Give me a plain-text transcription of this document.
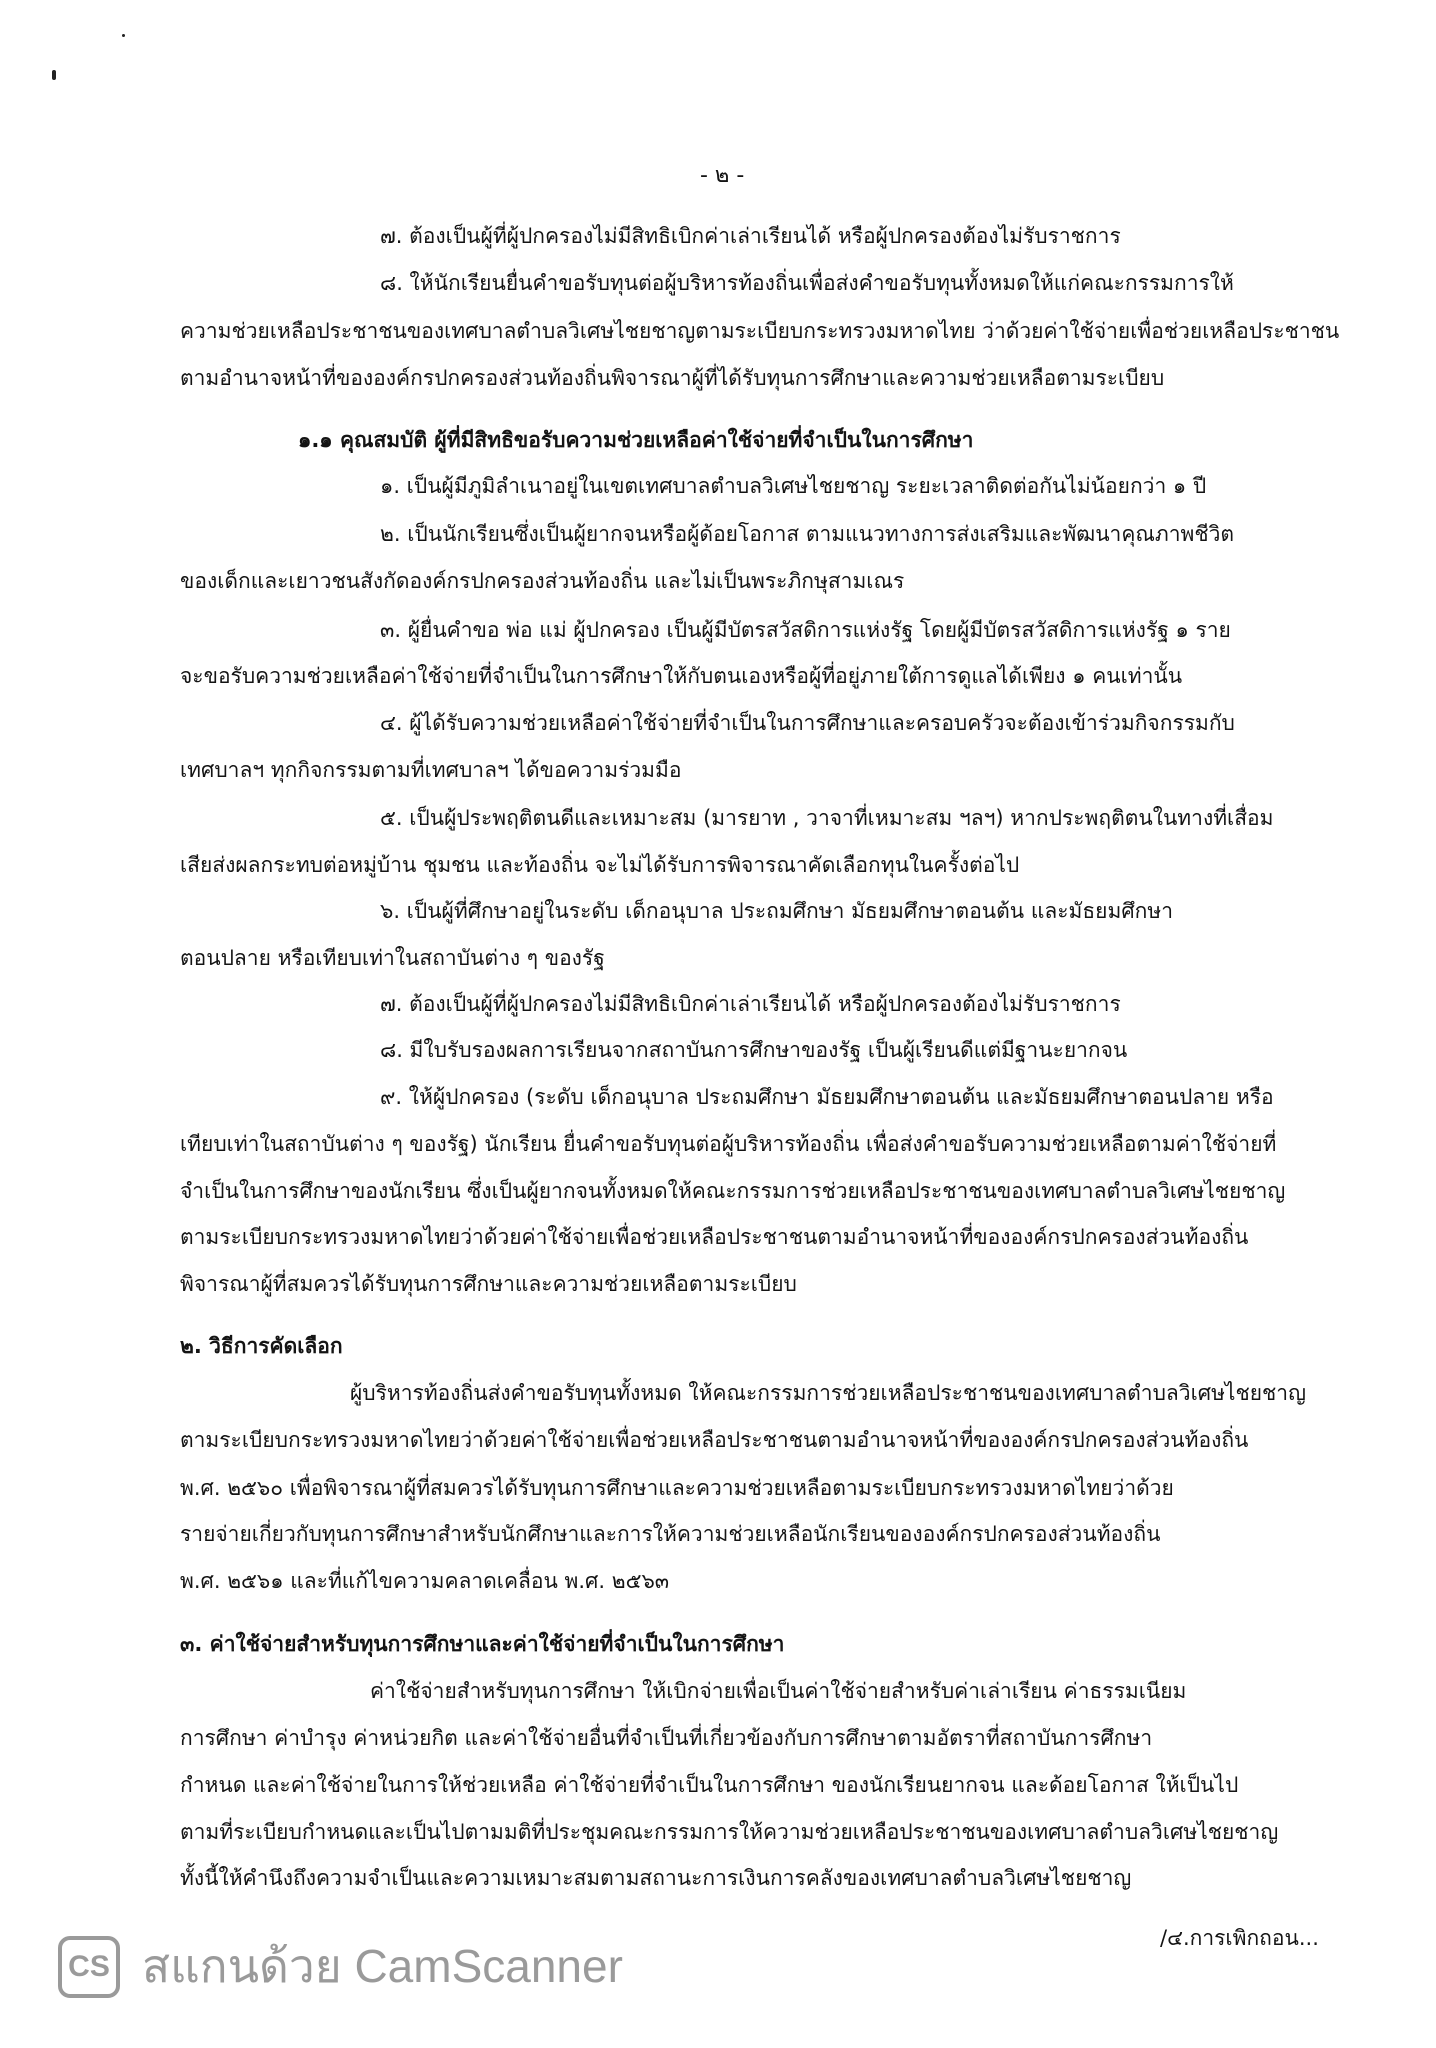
- ๒ -
๗. ต้องเป็นผู้ที่ผู้ปกครองไม่มีสิทธิเบิกค่าเล่าเรียนได้ หรือผู้ปกครองต้องไม่รับราชการ
๘. ให้นักเรียนยื่นคำขอรับทุนต่อผู้บริหารท้องถิ่นเพื่อส่งคำขอรับทุนทั้งหมดให้แก่คณะกรรมการให้
ความช่วยเหลือประชาชนของเทศบาลตำบลวิเศษไชยชาญตามระเบียบกระทรวงมหาดไทย ว่าด้วยค่าใช้จ่ายเพื่อช่วยเหลือประชาชน
ตามอำนาจหน้าที่ขององค์กรปกครองส่วนท้องถิ่นพิจารณาผู้ที่ได้รับทุนการศึกษาและความช่วยเหลือตามระเบียบ
๑.๑ คุณสมบัติ ผู้ที่มีสิทธิขอรับความช่วยเหลือค่าใช้จ่ายที่จำเป็นในการศึกษา
๑. เป็นผู้มีภูมิลำเนาอยู่ในเขตเทศบาลตำบลวิเศษไชยชาญ ระยะเวลาติดต่อกันไม่น้อยกว่า ๑ ปี
๒. เป็นนักเรียนซึ่งเป็นผู้ยากจนหรือผู้ด้อยโอกาส ตามแนวทางการส่งเสริมและพัฒนาคุณภาพชีวิต
ของเด็กและเยาวชนสังกัดองค์กรปกครองส่วนท้องถิ่น และไม่เป็นพระภิกษุสามเณร
๓. ผู้ยื่นคำขอ พ่อ แม่ ผู้ปกครอง เป็นผู้มีบัตรสวัสดิการแห่งรัฐ โดยผู้มีบัตรสวัสดิการแห่งรัฐ ๑ ราย
จะขอรับความช่วยเหลือค่าใช้จ่ายที่จำเป็นในการศึกษาให้กับตนเองหรือผู้ที่อยู่ภายใต้การดูแลได้เพียง ๑ คนเท่านั้น
๔. ผู้ได้รับความช่วยเหลือค่าใช้จ่ายที่จำเป็นในการศึกษาและครอบครัวจะต้องเข้าร่วมกิจกรรมกับ
เทศบาลฯ ทุกกิจกรรมตามที่เทศบาลฯ ได้ขอความร่วมมือ
๕. เป็นผู้ประพฤติตนดีและเหมาะสม (มารยาท , วาจาที่เหมาะสม ฯลฯ) หากประพฤติตนในทางที่เสื่อม
เสียส่งผลกระทบต่อหมู่บ้าน ชุมชน และท้องถิ่น จะไม่ได้รับการพิจารณาคัดเลือกทุนในครั้งต่อไป
๖. เป็นผู้ที่ศึกษาอยู่ในระดับ เด็กอนุบาล ประถมศึกษา มัธยมศึกษาตอนต้น และมัธยมศึกษา
ตอนปลาย หรือเทียบเท่าในสถาบันต่าง ๆ ของรัฐ
๗. ต้องเป็นผู้ที่ผู้ปกครองไม่มีสิทธิเบิกค่าเล่าเรียนได้ หรือผู้ปกครองต้องไม่รับราชการ
๘. มีใบรับรองผลการเรียนจากสถาบันการศึกษาของรัฐ เป็นผู้เรียนดีแต่มีฐานะยากจน
๙. ให้ผู้ปกครอง (ระดับ เด็กอนุบาล ประถมศึกษา มัธยมศึกษาตอนต้น และมัธยมศึกษาตอนปลาย หรือ
เทียบเท่าในสถาบันต่าง ๆ ของรัฐ) นักเรียน ยื่นคำขอรับทุนต่อผู้บริหารท้องถิ่น เพื่อส่งคำขอรับความช่วยเหลือตามค่าใช้จ่ายที่
จำเป็นในการศึกษาของนักเรียน ซึ่งเป็นผู้ยากจนทั้งหมดให้คณะกรรมการช่วยเหลือประชาชนของเทศบาลตำบลวิเศษไชยชาญ
ตามระเบียบกระทรวงมหาดไทยว่าด้วยค่าใช้จ่ายเพื่อช่วยเหลือประชาชนตามอำนาจหน้าที่ขององค์กรปกครองส่วนท้องถิ่น
พิจารณาผู้ที่สมควรได้รับทุนการศึกษาและความช่วยเหลือตามระเบียบ
๒. วิธีการคัดเลือก
ผู้บริหารท้องถิ่นส่งคำขอรับทุนทั้งหมด ให้คณะกรรมการช่วยเหลือประชาชนของเทศบาลตำบลวิเศษไชยชาญ
ตามระเบียบกระทรวงมหาดไทยว่าด้วยค่าใช้จ่ายเพื่อช่วยเหลือประชาชนตามอำนาจหน้าที่ขององค์กรปกครองส่วนท้องถิ่น
พ.ศ. ๒๕๖๐ เพื่อพิจารณาผู้ที่สมควรได้รับทุนการศึกษาและความช่วยเหลือตามระเบียบกระทรวงมหาดไทยว่าด้วย
รายจ่ายเกี่ยวกับทุนการศึกษาสำหรับนักศึกษาและการให้ความช่วยเหลือนักเรียนขององค์กรปกครองส่วนท้องถิ่น
พ.ศ. ๒๕๖๑ และที่แก้ไขความคลาดเคลื่อน พ.ศ. ๒๕๖๓
๓. ค่าใช้จ่ายสำหรับทุนการศึกษาและค่าใช้จ่ายที่จำเป็นในการศึกษา
ค่าใช้จ่ายสำหรับทุนการศึกษา ให้เบิกจ่ายเพื่อเป็นค่าใช้จ่ายสำหรับค่าเล่าเรียน ค่าธรรมเนียม
การศึกษา ค่าบำรุง ค่าหน่วยกิต และค่าใช้จ่ายอื่นที่จำเป็นที่เกี่ยวข้องกับการศึกษาตามอัตราที่สถาบันการศึกษา
กำหนด และค่าใช้จ่ายในการให้ช่วยเหลือ ค่าใช้จ่ายที่จำเป็นในการศึกษา ของนักเรียนยากจน และด้อยโอกาส ให้เป็นไป
ตามที่ระเบียบกำหนดและเป็นไปตามมติที่ประชุมคณะกรรมการให้ความช่วยเหลือประชาชนของเทศบาลตำบลวิเศษไชยชาญ
ทั้งนี้ให้คำนึงถึงความจำเป็นและความเหมาะสมตามสถานะการเงินการคลังของเทศบาลตำบลวิเศษไชยชาญ
/๔.การเพิกถอน...
CS สแกนด้วย CamScanner
